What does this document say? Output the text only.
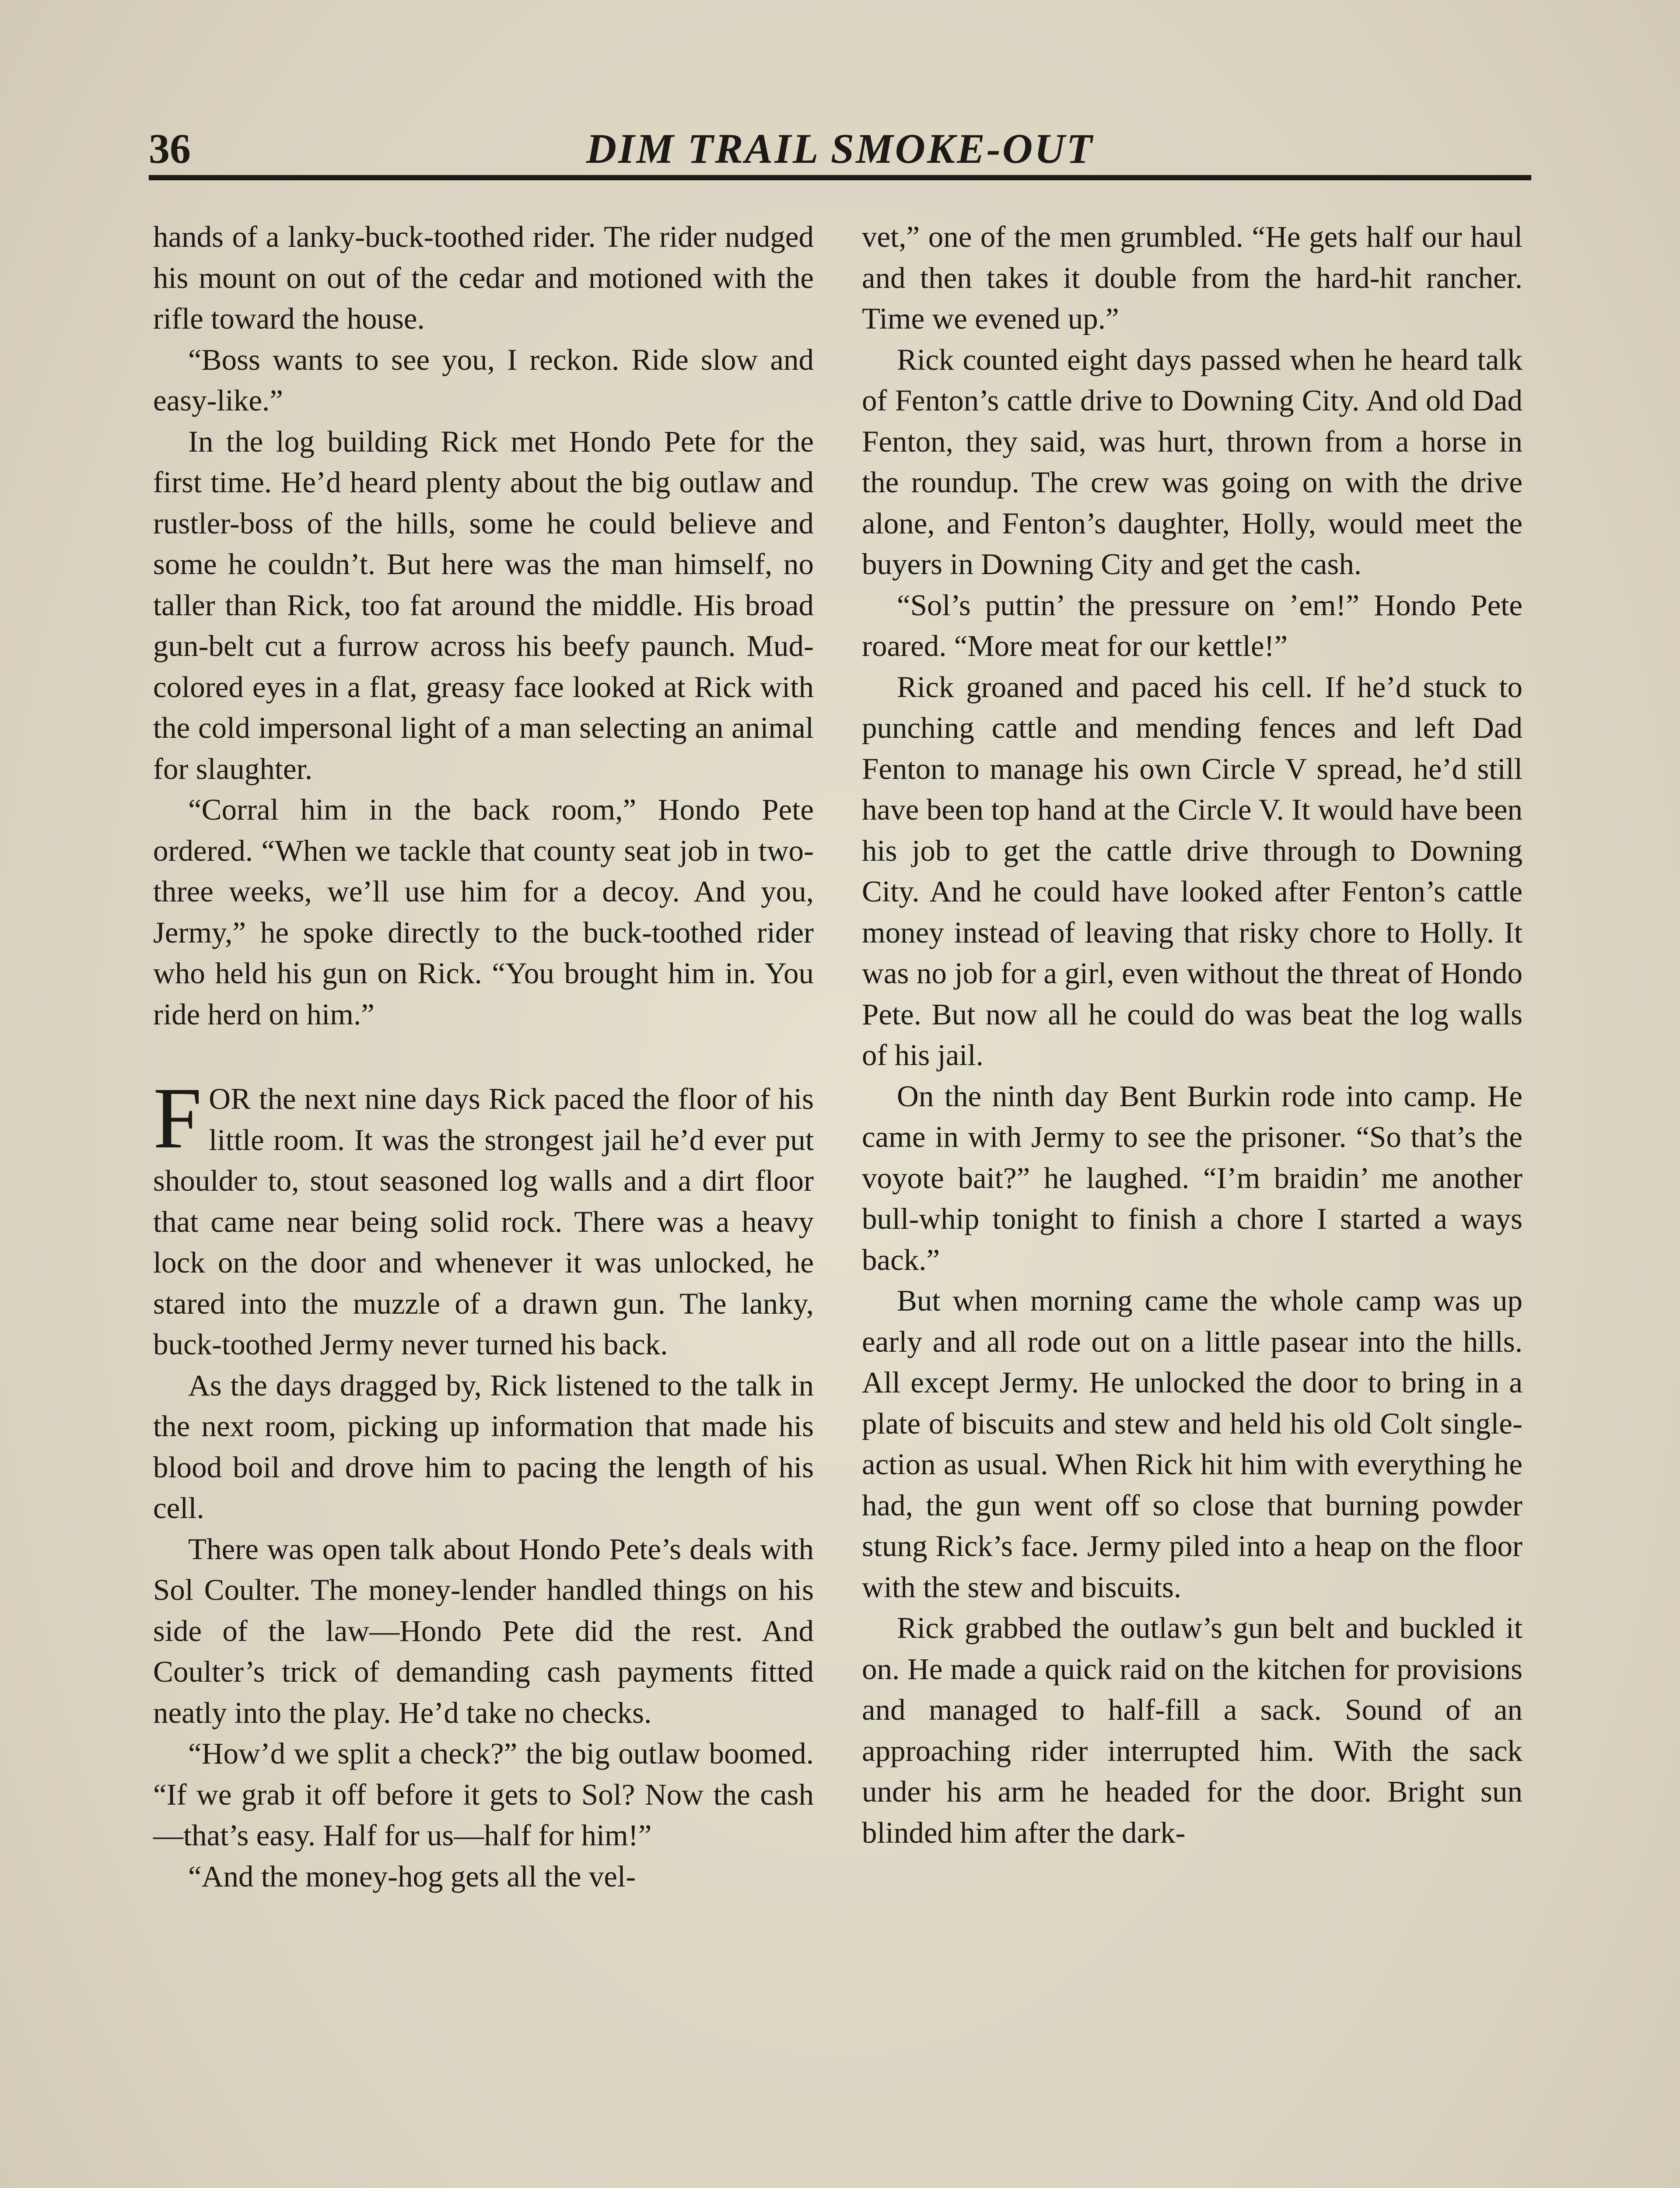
36	DIM TRAIL SMOKE-OUT

hands of a lanky-buck-toothed rider. The rider nudged his mount on out of the cedar and motioned with the rifle toward the house.

“Boss wants to see you, I reckon. Ride slow and easy-like.”

In the log building Rick met Hondo Pete for the first time. He’d heard plenty about the big outlaw and rustler-boss of the hills, some he could believe and some he couldn’t. But here was the man himself, no taller than Rick, too fat around the middle. His broad gun-belt cut a furrow across his beefy paunch. Mud-colored eyes in a flat, greasy face looked at Rick with the cold impersonal light of a man selecting an animal for slaughter.

“Corral him in the back room,” Hondo Pete ordered. “When we tackle that county seat job in two-three weeks, we’ll use him for a decoy. And you, Jermy,” he spoke directly to the buck-toothed rider who held his gun on Rick. “You brought him in. You ride herd on him.”

FOR the next nine days Rick paced the floor of his little room. It was the strongest jail he’d ever put shoulder to, stout seasoned log walls and a dirt floor that came near being solid rock. There was a heavy lock on the door and whenever it was unlocked, he stared into the muzzle of a drawn gun. The lanky, buck-toothed Jermy never turned his back.

As the days dragged by, Rick listened to the talk in the next room, picking up information that made his blood boil and drove him to pacing the length of his cell.

There was open talk about Hondo Pete’s deals with Sol Coulter. The money-lender handled things on his side of the law—Hondo Pete did the rest. And Coulter’s trick of demanding cash payments fitted neatly into the play. He’d take no checks.

“How’d we split a check?” the big outlaw boomed. “If we grab it off before it gets to Sol? Now the cash—that’s easy. Half for us—half for him!”

“And the money-hog gets all the vel-

vet,” one of the men grumbled. “He gets half our haul and then takes it double from the hard-hit rancher. Time we evened up.”

Rick counted eight days passed when he heard talk of Fenton’s cattle drive to Downing City. And old Dad Fenton, they said, was hurt, thrown from a horse in the roundup. The crew was going on with the drive alone, and Fenton’s daughter, Holly, would meet the buyers in Downing City and get the cash.

“Sol’s puttin’ the pressure on ’em!” Hondo Pete roared. “More meat for our kettle!”

Rick groaned and paced his cell. If he’d stuck to punching cattle and mending fences and left Dad Fenton to manage his own Circle V spread, he’d still have been top hand at the Circle V. It would have been his job to get the cattle drive through to Downing City. And he could have looked after Fenton’s cattle money instead of leaving that risky chore to Holly. It was no job for a girl, even without the threat of Hondo Pete. But now all he could do was beat the log walls of his jail.

On the ninth day Bent Burkin rode into camp. He came in with Jermy to see the prisoner. “So that’s the voyote bait?” he laughed. “I’m braidin’ me another bull-whip tonight to finish a chore I started a ways back.”

But when morning came the whole camp was up early and all rode out on a little pasear into the hills. All except Jermy. He unlocked the door to bring in a plate of biscuits and stew and held his old Colt single-action as usual. When Rick hit him with everything he had, the gun went off so close that burning powder stung Rick’s face. Jermy piled into a heap on the floor with the stew and biscuits.

Rick grabbed the outlaw’s gun belt and buckled it on. He made a quick raid on the kitchen for provisions and managed to half-fill a sack. Sound of an approaching rider interrupted him. With the sack under his arm he headed for the door. Bright sun blinded him after the dark-
